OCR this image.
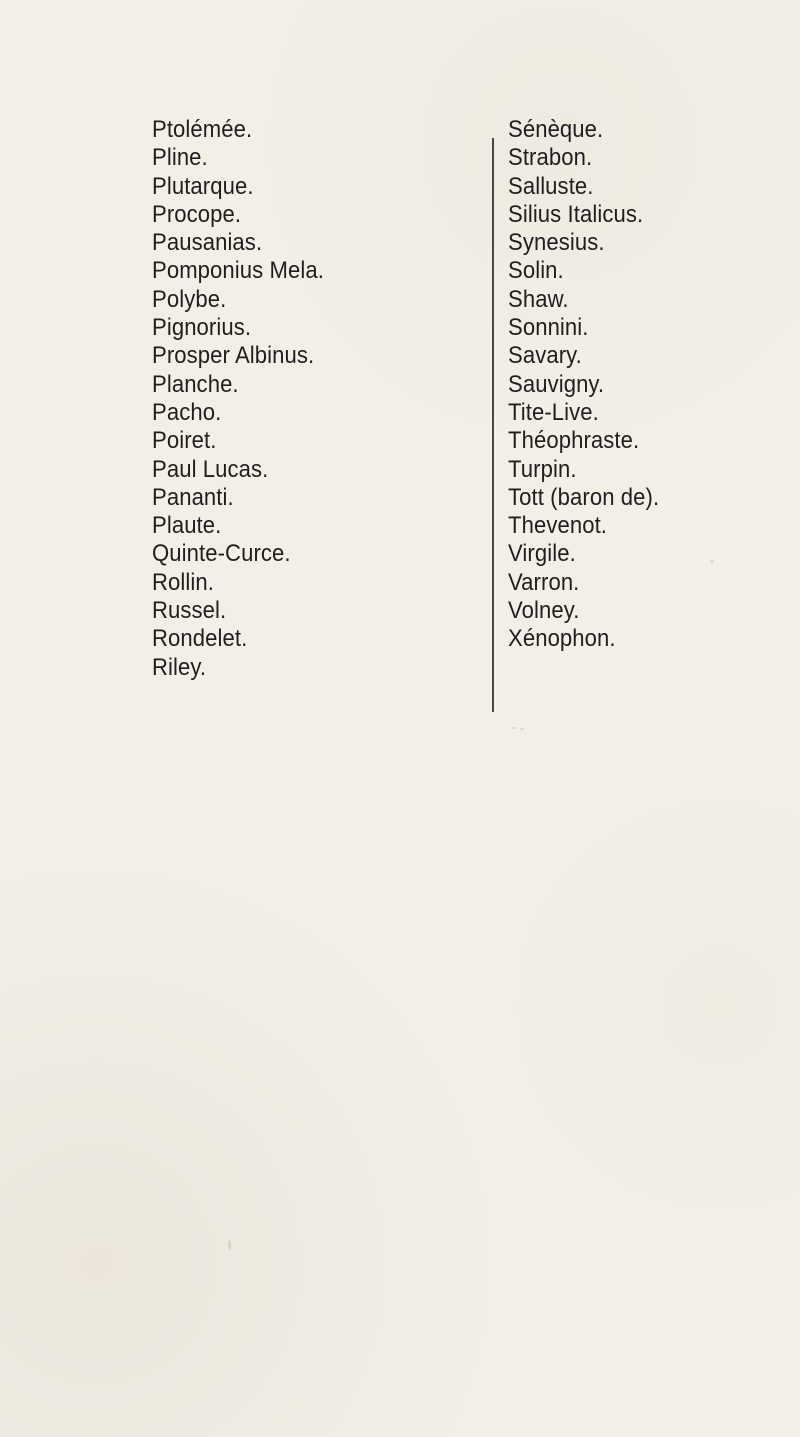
Ptolémée.
Pline.
Plutarque.
Procope.
Pausanias.
Pomponius Mela.
Polybe.
Pignorius.
Prosper Albinus.
Planche.
Pacho.
Poiret.
Paul Lucas.
Pananti.
Plaute.
Quinte-Curce.
Rollin.
Russel.
Rondelet.
Riley.
Sénèque.
Strabon.
Salluste.
Silius Italicus.
Synesius.
Solin.
Shaw.
Sonnini.
Savary.
Sauvigny.
Tite-Live.
Théophraste.
Turpin.
Tott (baron de).
Thevenot.
Virgile.
Varron.
Volney.
Xénophon.
